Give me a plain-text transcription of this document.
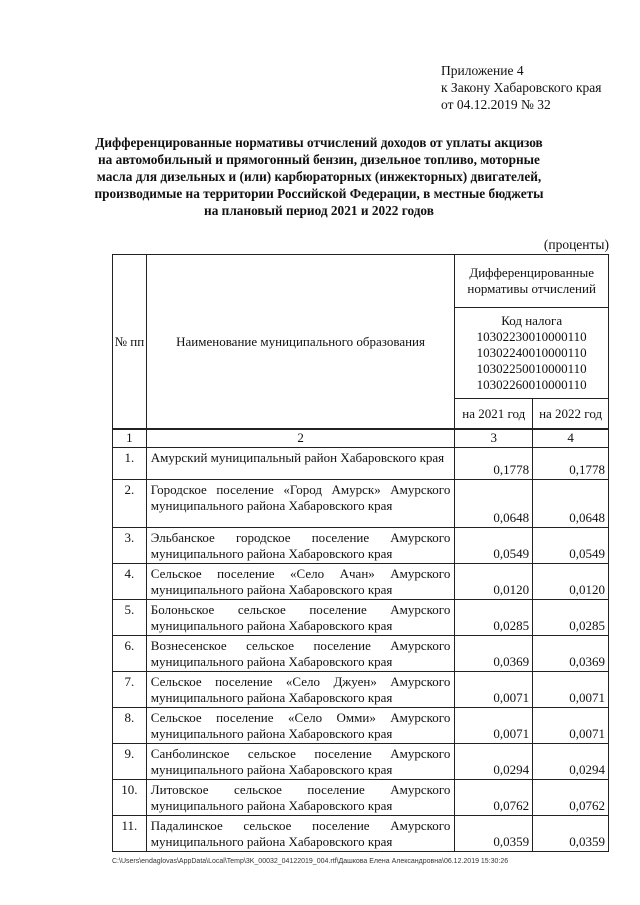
Приложение 4
к Закону Хабаровского края
от 04.12.2019 № 32
Дифференцированные нормативы отчислений доходов от уплаты акцизов на автомобильный и прямогонный бензин, дизельное топливо, моторные масла для дизельных и (или) карбюраторных (инжекторных) двигателей, производимые на территории Российской Федерации, в местные бюджеты на плановый период 2021 и 2022 годов
(проценты)
№ пп	Наименование муниципального образования	Дифференцированные нормативы отчислений	

		Код налога
10302230010000110
10302240010000110
10302250010000110
10302260010000110	

		на 2021 год	на 2022 год
1	2	3	4
1.	Амурский муниципальный район Хабаровского края	0,1778	0,1778
2.	Городское поселение «Город Амурск» Амурского муниципального района Хабаровского края	0,0648	0,0648
3.	Эльбанское городское поселение Амурского муниципального района Хабаровского края	0,0549	0,0549
4.	Сельское поселение «Село Ачан» Амурского муниципального района Хабаровского края	0,0120	0,0120
5.	Болоньское сельское поселение Амурского муниципального района Хабаровского края	0,0285	0,0285
6.	Вознесенское сельское поселение Амурского муниципального района Хабаровского края	0,0369	0,0369
7.	Сельское поселение «Село Джуен» Амурского муниципального района Хабаровского края	0,0071	0,0071
8.	Сельское поселение «Село Омми» Амурского муниципального района Хабаровского края	0,0071	0,0071
9.	Санболинское сельское поселение Амурского муниципального района Хабаровского края	0,0294	0,0294
10.	Литовское сельское поселение Амурского муниципального района Хабаровского края	0,0762	0,0762
11.	Падалинское сельское поселение Амурского муниципального района Хабаровского края	0,0359	0,0359
C:\Users\endaglovas\AppData\Local\Temp\3K_00032_04122019_004.rtf\Дашкова Елена Александровна\06.12.2019 15:30:26
